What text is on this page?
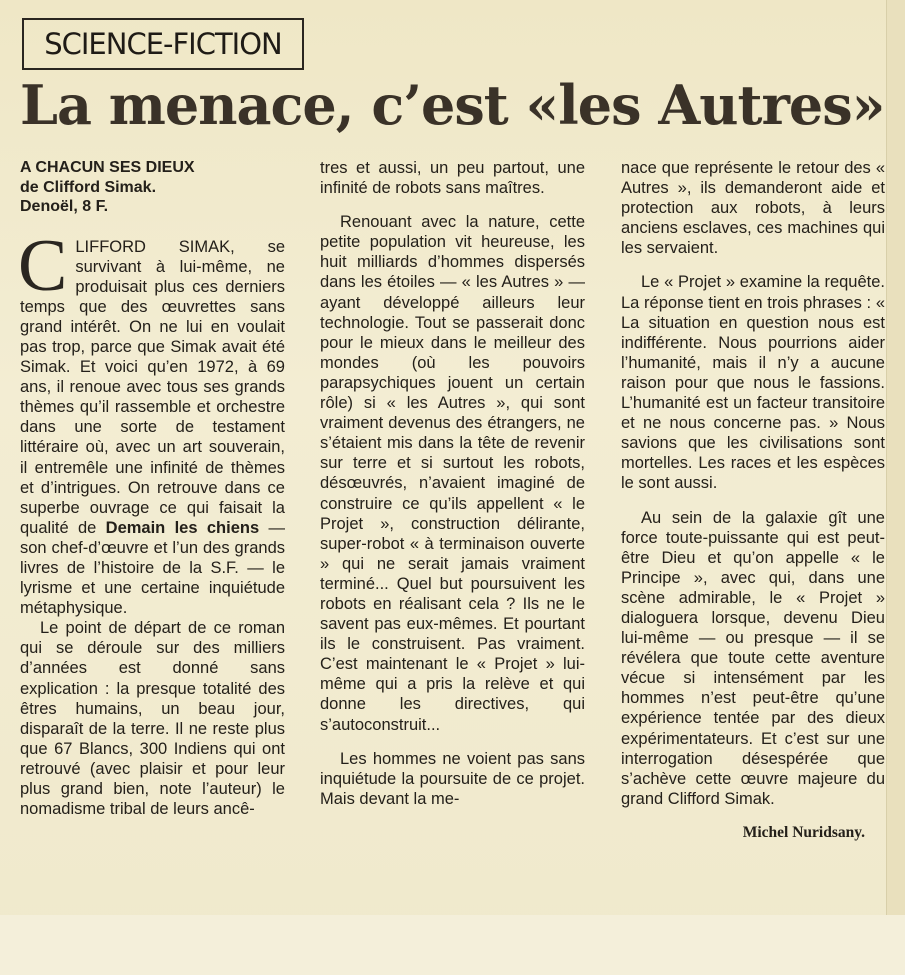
SCIENCE-FICTION
La menace, c’est «les Autres»
A CHACUN SES DIEUX
de Clifford Simak.
Denoël, 8 F.

CLIFFORD SIMAK, se survivant à lui-même, ne produisait plus ces derniers temps que des œuvrettes sans grand intérêt. On ne lui en voulait pas trop, parce que Simak avait été Simak. Et voici qu’en 1972, à 69 ans, il renoue avec tous ses grands thèmes qu’il rassemble et orchestre dans une sorte de testament littéraire où, avec un art souverain, il entremêle une infinité de thèmes et d’intrigues. On retrouve dans ce superbe ouvrage ce qui faisait la qualité de Demain les chiens — son chef-d’œuvre et l’un des grands livres de l’histoire de la S.F. — le lyrisme et une certaine inquiétude métaphysique.

Le point de départ de ce roman qui se déroule sur des milliers d’années est donné sans explication : la presque totalité des êtres humains, un beau jour, disparaît de la terre. Il ne reste plus que 67 Blancs, 300 Indiens qui ont retrouvé (avec plaisir et pour leur plus grand bien, note l’auteur) le nomadisme tribal de leurs ancê-

tres et aussi, un peu partout, une infinité de robots sans maîtres.

Renouant avec la nature, cette petite population vit heureuse, les huit milliards d’hommes dispersés dans les étoiles — « les Autres » — ayant développé ailleurs leur technologie. Tout se passerait donc pour le mieux dans le meilleur des mondes (où les pouvoirs parapsychiques jouent un certain rôle) si « les Autres », qui sont vraiment devenus des étrangers, ne s’étaient mis dans la tête de revenir sur terre et si surtout les robots, désœuvrés, n’avaient imaginé de construire ce qu’ils appellent « le Projet », construction délirante, super-robot « à terminaison ouverte » qui ne serait jamais vraiment terminé... Quel but poursuivent les robots en réalisant cela ? Ils ne le savent pas eux-mêmes. Et pourtant ils le construisent. Pas vraiment. C’est maintenant le « Projet » lui-même qui a pris la relève et qui donne les directives, qui s’autoconstruit...

Les hommes ne voient pas sans inquiétude la poursuite de ce projet. Mais devant la me-

nace que représente le retour des « Autres », ils demanderont aide et protection aux robots, à leurs anciens esclaves, ces machines qui les servaient.

Le « Projet » examine la requête. La réponse tient en trois phrases : « La situation en question nous est indifférente. Nous pourrions aider l’humanité, mais il n’y a aucune raison pour que nous le fassions. L’humanité est un facteur transitoire et ne nous concerne pas. » Nous savions que les civilisations sont mortelles. Les races et les espèces le sont aussi.

Au sein de la galaxie gît une force toute-puissante qui est peut-être Dieu et qu’on appelle « le Principe », avec qui, dans une scène admirable, le « Projet » dialoguera lorsque, devenu Dieu lui-même — ou presque — il se révélera que toute cette aventure vécue si intensément par les hommes n’est peut-être qu’une expérience tentée par des dieux expérimentateurs. Et c’est sur une interrogation désespérée que s’achève cette œuvre majeure du grand Clifford Simak.

Michel Nuridsany.
